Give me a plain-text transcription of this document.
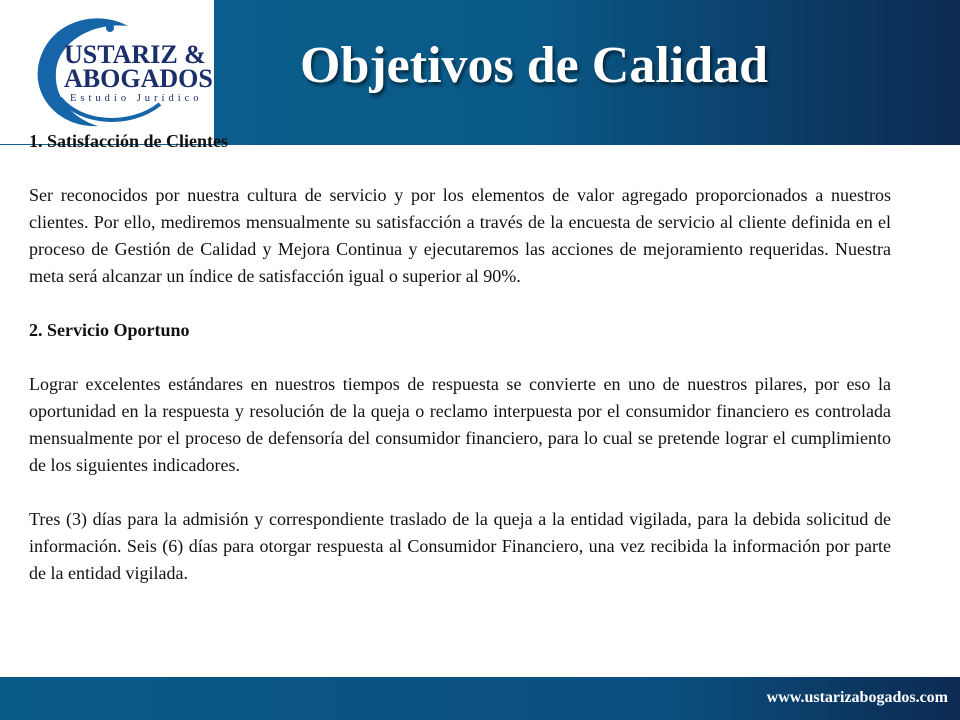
USTARIZ &
ABOGADOS
Estudio Jurídico
Objetivos de Calidad

1. Satisfacción de Clientes

Ser reconocidos por nuestra cultura de servicio y por los elementos de valor agregado proporcionados a nuestros clientes. Por ello, mediremos mensualmente su satisfacción a través de la encuesta de servicio al cliente definida en el proceso de Gestión de Calidad y Mejora Continua y ejecutaremos las acciones de mejoramiento requeridas. Nuestra meta será alcanzar un índice de satisfacción igual o superior al 90%.

2. Servicio Oportuno

Lograr excelentes estándares en nuestros tiempos de respuesta se convierte en uno de nuestros pilares, por eso la oportunidad en la respuesta y resolución de la queja o reclamo interpuesta por el consumidor financiero es controlada mensualmente por el proceso de defensoría del consumidor financiero, para lo cual se pretende lograr el cumplimiento de los siguientes indicadores.

Tres (3) días para la admisión y correspondiente traslado de la queja a la entidad vigilada, para la debida solicitud de información. Seis (6) días para otorgar respuesta al Consumidor Financiero, una vez recibida la información por parte de la entidad vigilada.

www.ustarizabogados.com
